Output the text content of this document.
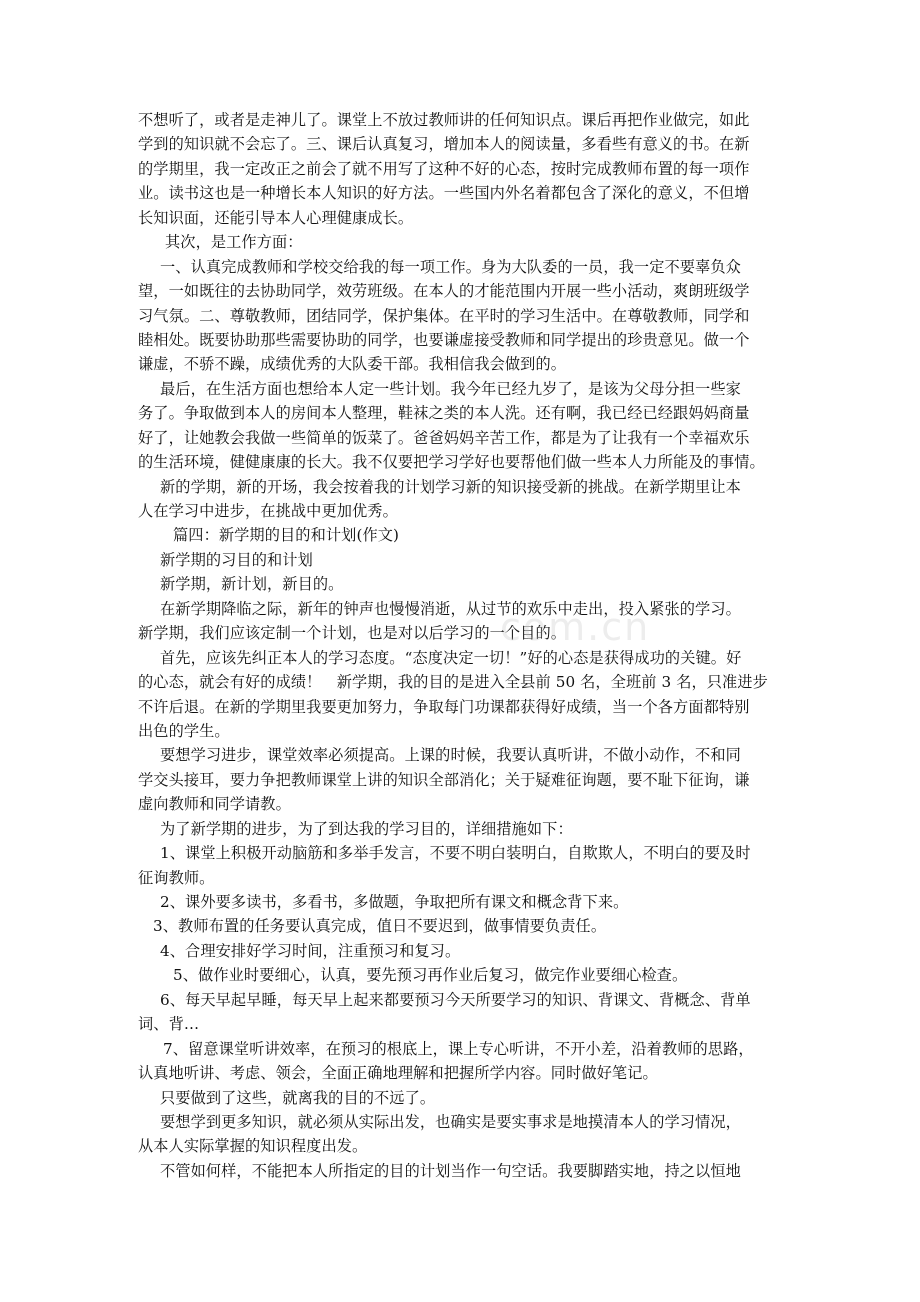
不想听了，或者是走神儿了。课堂上不放过教师讲的任何知识点。课后再把作业做完，如此
学到的知识就不会忘了。三、课后认真复习，增加本人的阅读量，多看些有意义的书。在新
的学期里，我一定改正之前会了就不用写了这种不好的心态，按时完成教师布置的每一项作
业。读书这也是一种增长本人知识的好方法。一些国内外名着都包含了深化的意义，不但增
长知识面，还能引导本人心理健康成长。
其次，是工作方面：
一、认真完成教师和学校交给我的每一项工作。身为大队委的一员，我一定不要辜负众
望，一如既往的去协助同学，效劳班级。在本人的才能范围内开展一些小活动，爽朗班级学
习气氛。二、尊敬教师，团结同学，保护集体。在平时的学习生活中。在尊敬教师，同学和
睦相处。既要协助那些需要协助的同学，也要谦虚接受教师和同学提出的珍贵意见。做一个
谦虚，不骄不躁，成绩优秀的大队委干部。我相信我会做到的。
最后，在生活方面也想给本人定一些计划。我今年已经九岁了，是该为父母分担一些家
务了。争取做到本人的房间本人整理，鞋袜之类的本人洗。还有啊，我已经已经跟妈妈商量
好了，让她教会我做一些简单的饭菜了。爸爸妈妈辛苦工作，都是为了让我有一个幸福欢乐
的生活环境，健健康康的长大。我不仅要把学习学好也要帮他们做一些本人力所能及的事情。
新的学期，新的开场，我会按着我的计划学习新的知识接受新的挑战。在新学期里让本
人在学习中进步，在挑战中更加优秀。
篇四：新学期的目的和计划(作文)
新学期的习目的和计划
新学期，新计划，新目的。
在新学期降临之际，新年的钟声也慢慢消逝，从过节的欢乐中走出，投入紧张的学习。
新学期，我们应该定制一个计划，也是对以后学习的一个目的。
首先，应该先纠正本人的学习态度。“态度决定一切！”好的心态是获得成功的关键。好
的心态，就会有好的成绩！　新学期，我的目的是进入全县前 50 名，全班前 3 名，只准进步
不许后退。在新的学期里我要更加努力，争取每门功课都获得好成绩，当一个各方面都特别
出色的学生。
要想学习进步，课堂效率必须提高。上课的时候，我要认真听讲，不做小动作，不和同
学交头接耳，要力争把教师课堂上讲的知识全部消化；关于疑难征询题，要不耻下征询，谦
虚向教师和同学请教。
为了新学期的进步，为了到达我的学习目的，详细措施如下：
1、课堂上积极开动脑筋和多举手发言，不要不明白装明白，自欺欺人，不明白的要及时
征询教师。
2、课外要多读书，多看书，多做题，争取把所有课文和概念背下来。
3、教师布置的任务要认真完成，值日不要迟到，做事情要负责任。
4、合理安排好学习时间，注重预习和复习。
5、做作业时要细心，认真，要先预习再作业后复习，做完作业要细心检查。
6、每天早起早睡，每天早上起来都要预习今天所要学习的知识、背课文、背概念、背单
词、背…
7、留意课堂听讲效率，在预习的根底上，课上专心听讲，不开小差，沿着教师的思路，
认真地听讲、考虑、领会，全面正确地理解和把握所学内容。同时做好笔记。
只要做到了这些，就离我的目的不远了。
要想学到更多知识，就必须从实际出发，也确实是要实事求是地摸清本人的学习情况，
从本人实际掌握的知识程度出发。
不管如何样，不能把本人所指定的目的计划当作一句空话。我要脚踏实地，持之以恒地
com.cn
